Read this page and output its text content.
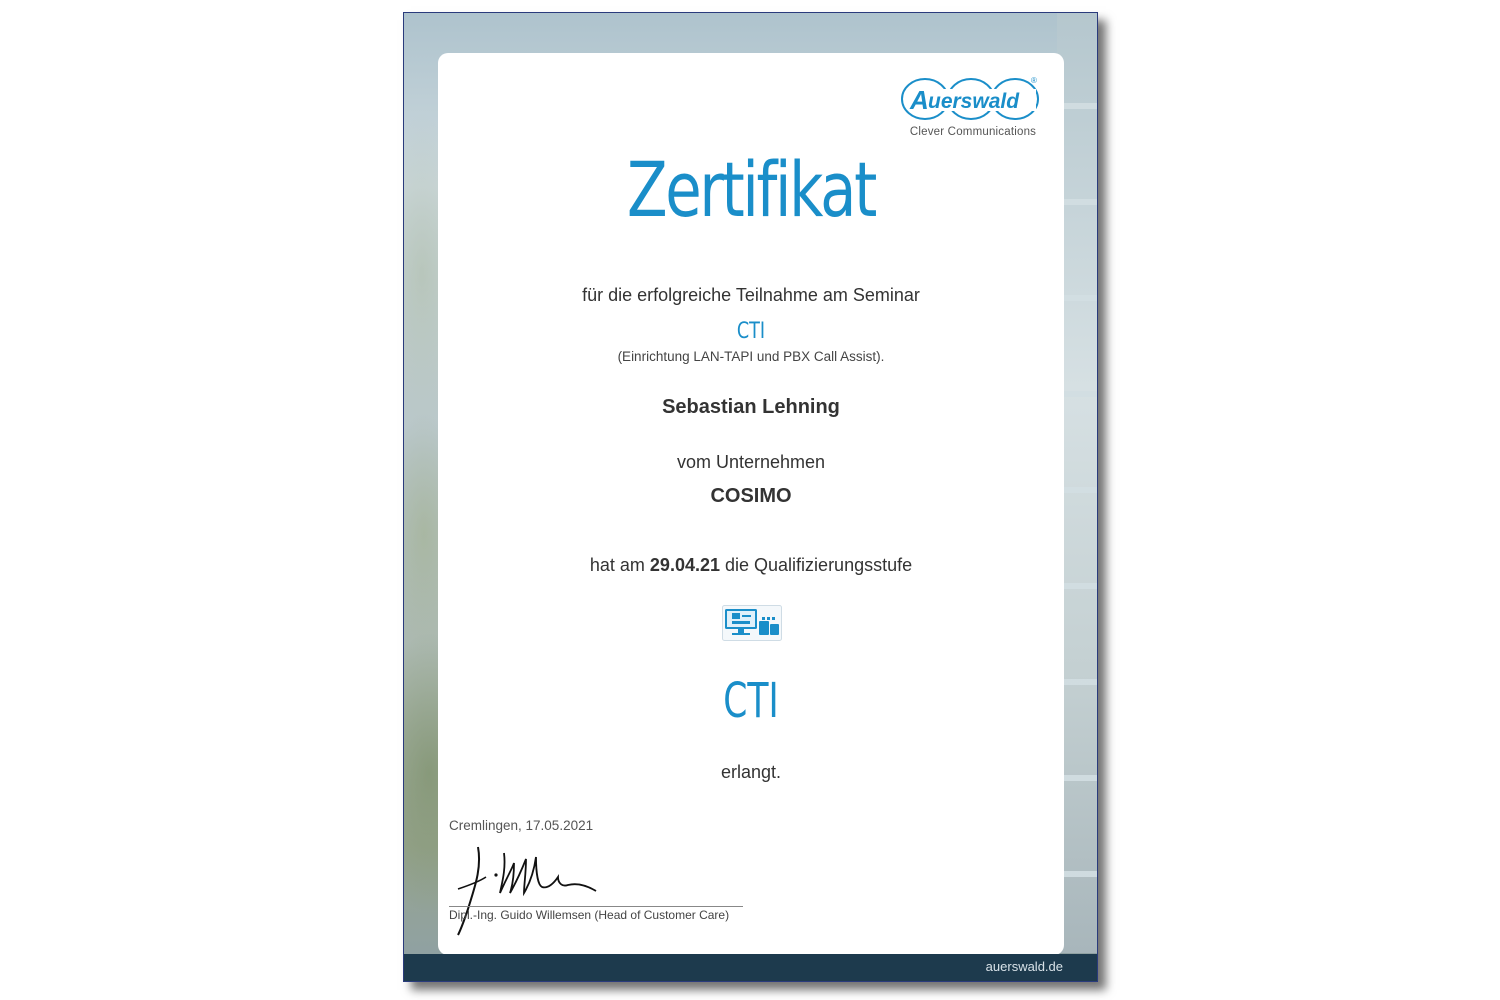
A uerswald
®
Clever Communications
Zertifikat
für die erfolgreiche Teilnahme am Seminar
CTI
(Einrichtung LAN-TAPI und PBX Call Assist).
Sebastian Lehning
vom Unternehmen
COSIMO
hat am 29.04.21 die Qualifizierungsstufe
CTI
erlangt.
Cremlingen, 17.05.2021
Dipl.-Ing. Guido Willemsen (Head of Customer Care)
auerswald.de
